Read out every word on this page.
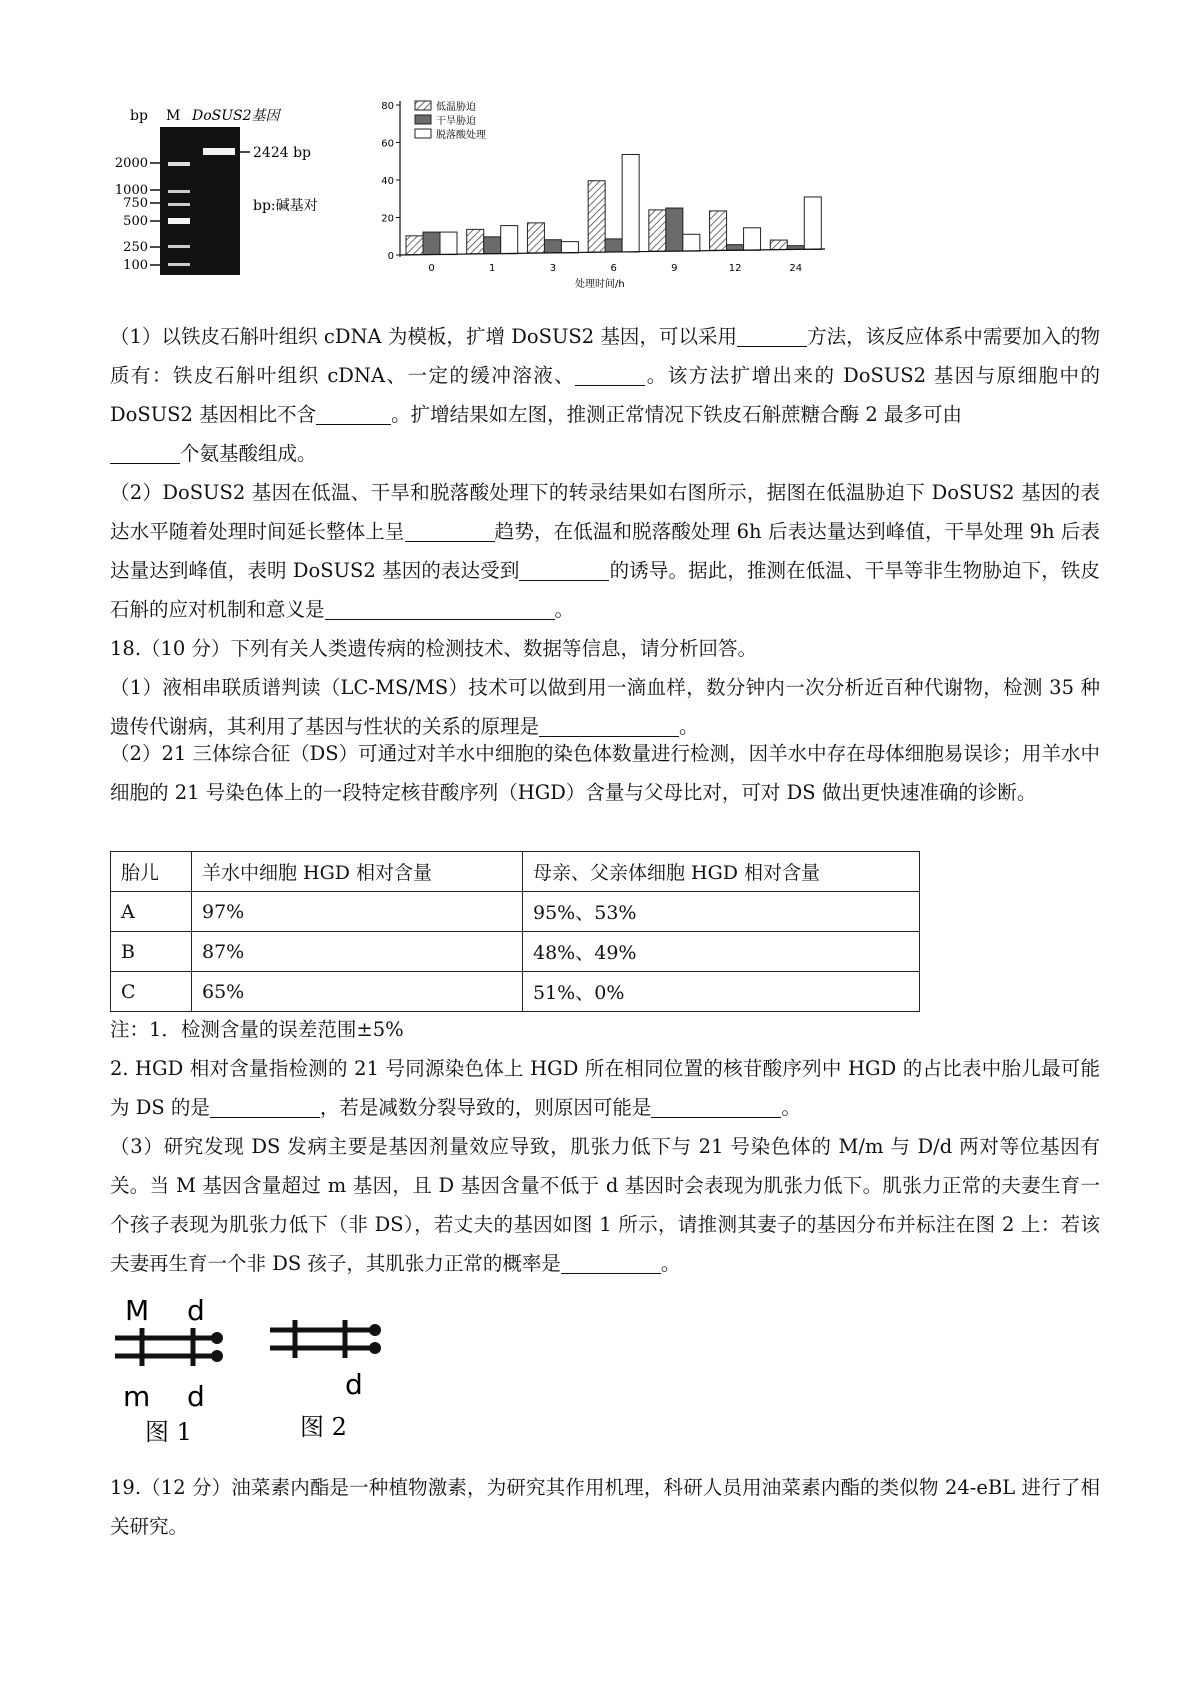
bp M DoSUS2基因
2000
1000
750
500
250
100
2424 bp
bp:碱基对
0
20
40
60
80
0	1	3	6	9	12	24
低温胁迫
干旱胁迫
脱落酸处理
处理时间/h

（1）以铁皮石斛叶组织 cDNA 为模板，扩增 DoSUS2 基因，可以采用	方法，该反应体系中需要加入的物质有：铁皮石斛叶组织 cDNA、一定的缓冲溶液、	。该方法扩增出来的 DoSUS2 基因与原细胞中的 DoSUS2 基因相比不含	。扩增结果如左图，推测正常情况下铁皮石斛蔗糖合酶 2 最多可由
个氨基酸组成。

（2）DoSUS2 基因在低温、干旱和脱落酸处理下的转录结果如右图所示，据图在低温胁迫下 DoSUS2 基因的表达水平随着处理时间延长整体上呈	趋势，在低温和脱落酸处理 6h 后表达量达到峰值，干旱处理 9h 后表达量达到峰值，表明 DoSUS2 基因的表达受到	的诱导。据此，推测在低温、干旱等非生物胁迫下，铁皮石斛的应对机制和意义是	。

18.（10 分）下列有关人类遗传病的检测技术、数据等信息，请分析回答。

（1）液相串联质谱判读（LC-MS/MS）技术可以做到用一滴血样，数分钟内一次分析近百种代谢物，检测 35 种遗传代谢病，其利用了基因与性状的关系的原理是	。

（2）21 三体综合征（DS）可通过对羊水中细胞的染色体数量进行检测，因羊水中存在母体细胞易误诊；用羊水中细胞的 21 号染色体上的一段特定核苷酸序列（HGD）含量与父母比对，可对 DS 做出更快速准确的诊断。

胎儿	羊水中细胞 HGD 相对含量	母亲、父亲体细胞 HGD 相对含量
A	97%	95%、53%
B	87%	48%、49%
C	65%	51%、0%

注：1．检测含量的误差范围±5%

2. HGD 相对含量指检测的 21 号同源染色体上 HGD 所在相同位置的核苷酸序列中 HGD 的占比表中胎儿最可能为 DS 的是	，若是减数分裂导致的，则原因可能是	。

（3）研究发现 DS 发病主要是基因剂量效应导致，肌张力低下与 21 号染色体的 M/m 与 D/d 两对等位基因有关。当 M 基因含量超过 m 基因，且 D 基因含量不低于 d 基因时会表现为肌张力低下。肌张力正常的夫妻生育一个孩子表现为肌张力低下（非 DS），若丈夫的基因如图 1 所示，请推测其妻子的基因分布并标注在图 2 上：若该夫妻再生育一个非 DS 孩子，其肌张力正常的概率是	。

M d
m d	d
图 1	图 2

19.（12 分）油菜素内酯是一种植物激素，为研究其作用机理，科研人员用油菜素内酯的类似物 24-eBL 进行了相关研究。
